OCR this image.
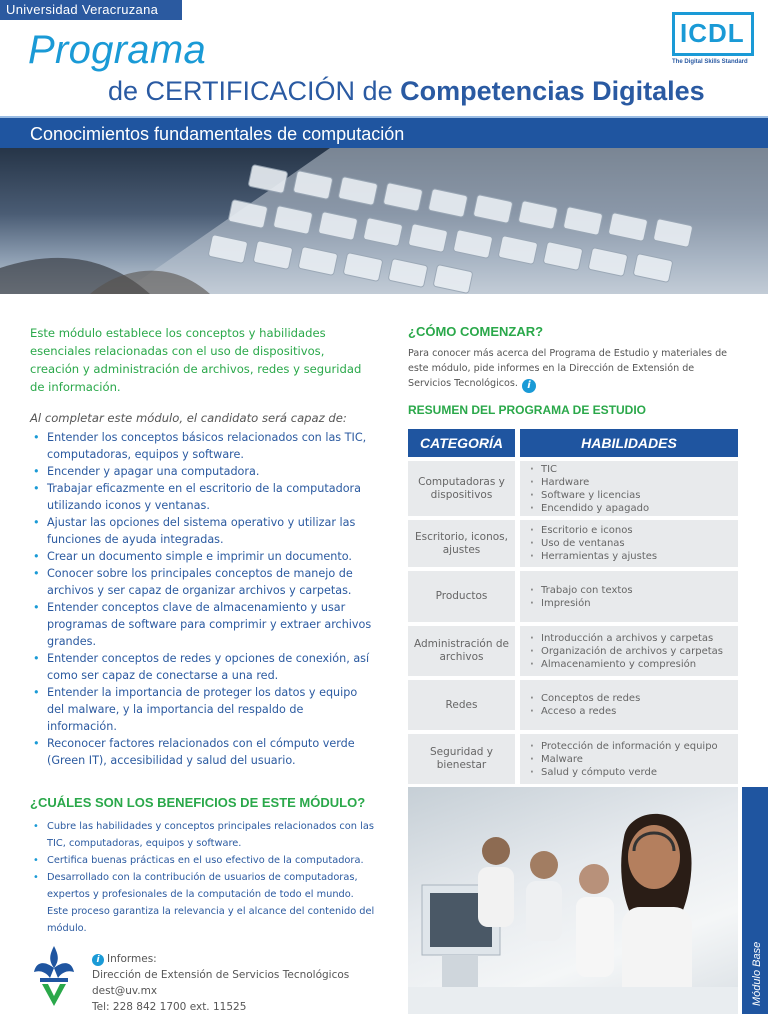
Universidad Veracruzana
Programa
de CERTIFICACIÓN de Competencias Digitales
ICDL
The Digital Skills Standard
Conocimientos fundamentales de computación
Este módulo establece los conceptos y habilidades esenciales relacionadas con el uso de dispositivos, creación y administración de archivos, redes y seguridad de información.
Al completar este módulo, el candidato será capaz de:
• Entender los conceptos básicos relacionados con las TIC, computadoras, equipos y software.
• Encender y apagar una computadora.
• Trabajar eficazmente en el escritorio de la computadora utilizando iconos y ventanas.
• Ajustar las opciones del sistema operativo y utilizar las funciones de ayuda integradas.
• Crear un documento simple e imprimir un documento.
• Conocer sobre los principales conceptos de manejo de archivos y ser capaz de organizar archivos y carpetas.
• Entender conceptos clave de almacenamiento y usar programas de software para comprimir y extraer archivos grandes.
• Entender conceptos de redes y opciones de conexión, así como ser capaz de conectarse a una red.
• Entender la importancia de proteger los datos y equipo del malware, y la importancia del respaldo de información.
• Reconocer factores relacionados con el cómputo verde (Green IT), accesibilidad y salud del usuario.
¿CUÁLES SON LOS BENEFICIOS DE ESTE MÓDULO?
• Cubre las habilidades y conceptos principales relacionados con las TIC, computadoras, equipos y software.
• Certifica buenas prácticas en el uso efectivo de la computadora.
• Desarrollado con la contribución de usuarios de computadoras, expertos y profesionales de la computación de todo el mundo. Este proceso garantiza la relevancia y el alcance del contenido del módulo.
i Informes:
Dirección de Extensión de Servicios Tecnológicos
dest@uv.mx
Tel: 228 842 1700 ext. 11525
¿CÓMO COMENZAR?
Para conocer más acerca del Programa de Estudio y materiales de este módulo, pide informes en la Dirección de Extensión de Servicios Tecnológicos. i
RESUMEN DEL PROGRAMA DE ESTUDIO
CATEGORÍA	HABILIDADES
Computadoras y dispositivos
· TIC
· Hardware
· Software y licencias
· Encendido y apagado
Escritorio, iconos, ajustes
· Escritorio e iconos
· Uso de ventanas
· Herramientas y ajustes
Productos	· Trabajo con textos
· Impresión
Administración de archivos
· Introducción a archivos y carpetas
· Organización de archivos y carpetas
· Almacenamiento y compresión
Redes	· Conceptos de redes
· Acceso a redes
Seguridad y bienestar
· Protección de información y equipo
· Malware
· Salud y cómputo verde
Módulo Base
